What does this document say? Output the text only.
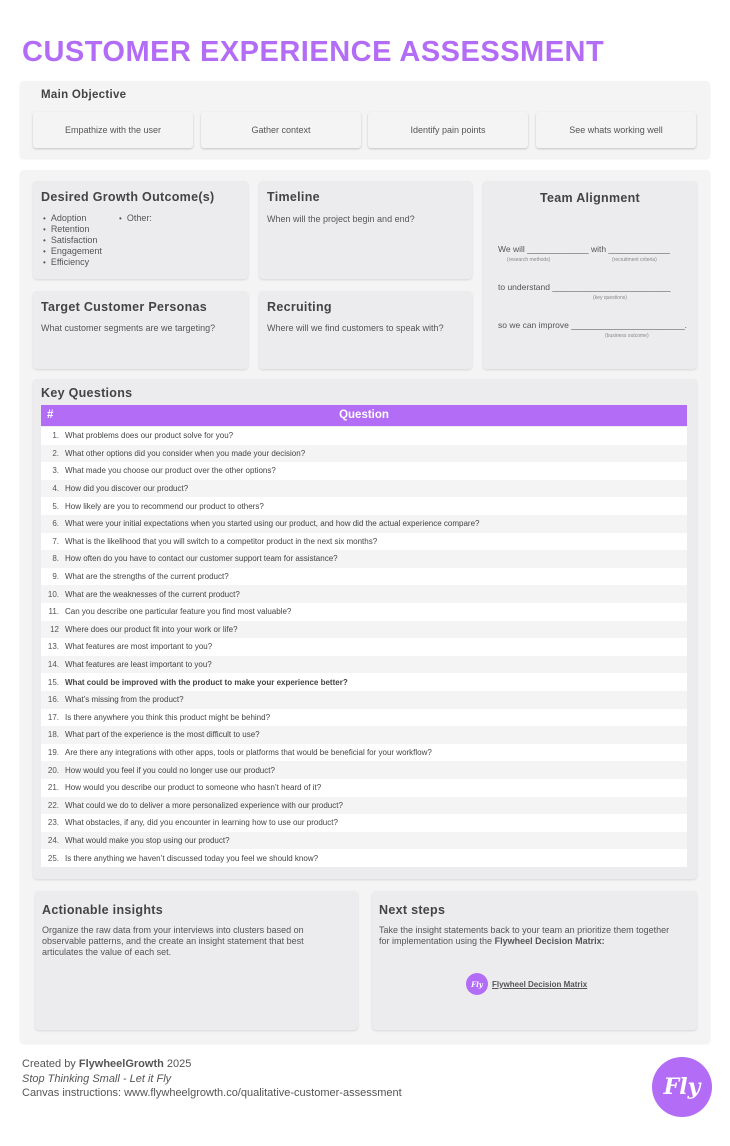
CUSTOMER EXPERIENCE ASSESSMENT
Main Objective
Empathize with the user	Gather context	Identify pain points	See whats working well
Desired Growth Outcome(s)
• Adoption
• Retention
• Satisfaction
• Engagement
• Efficiency
• Other:
Timeline
When will the project begin and end?
Team Alignment
We will _____________ with _____________
(research methods)	(recruitment criteria)
to understand _________________________
(key questions)
so we can improve ________________________.
(business outcome)
Target Customer Personas
What customer segments are we targeting?
Recruiting
Where will we find customers to speak with?
Key Questions
#	Question
1. What problems does our product solve for you?
2. What other options did you consider when you made your decision?
3. What made you choose our product over the other options?
4. How did you discover our product?
5. How likely are you to recommend our product to others?
6. What were your initial expectations when you started using our product, and how did the actual experience compare?
7. What is the likelihood that you will switch to a competitor product in the next six months?
8. How often do you have to contact our customer support team for assistance?
9. What are the strengths of the current product?
10. What are the weaknesses of the current product?
11. Can you describe one particular feature you find most valuable?
12 Where does our product fit into your work or life?
13. What features are most important to you?
14. What features are least important to you?
15. What could be improved with the product to make your experience better?
16. What’s missing from the product?
17. Is there anywhere you think this product might be behind?
18. What part of the experience is the most difficult to use?
19. Are there any integrations with other apps, tools or platforms that would be beneficial for your workflow?
20. How would you feel if you could no longer use our product?
21. How would you describe our product to someone who hasn’t heard of it?
22. What could we do to deliver a more personalized experience with our product?
23. What obstacles, if any, did you encounter in learning how to use our product?
24. What would make you stop using our product?
25. Is there anything we haven’t discussed today you feel we should know?
Actionable insights
Organize the raw data from your interviews into clusters based on observable patterns, and the create an insight statement that best articulates the value of each set.
Next steps
Take the insight statements back to your team an prioritize them together for implementation using the Flywheel Decision Matrix:
Fly	Flywheel Decision Matrix
Created by FlywheelGrowth 2025
Stop Thinking Small - Let it Fly
Canvas instructions: www.flywheelgrowth.co/qualitative-customer-assessment	Fly
